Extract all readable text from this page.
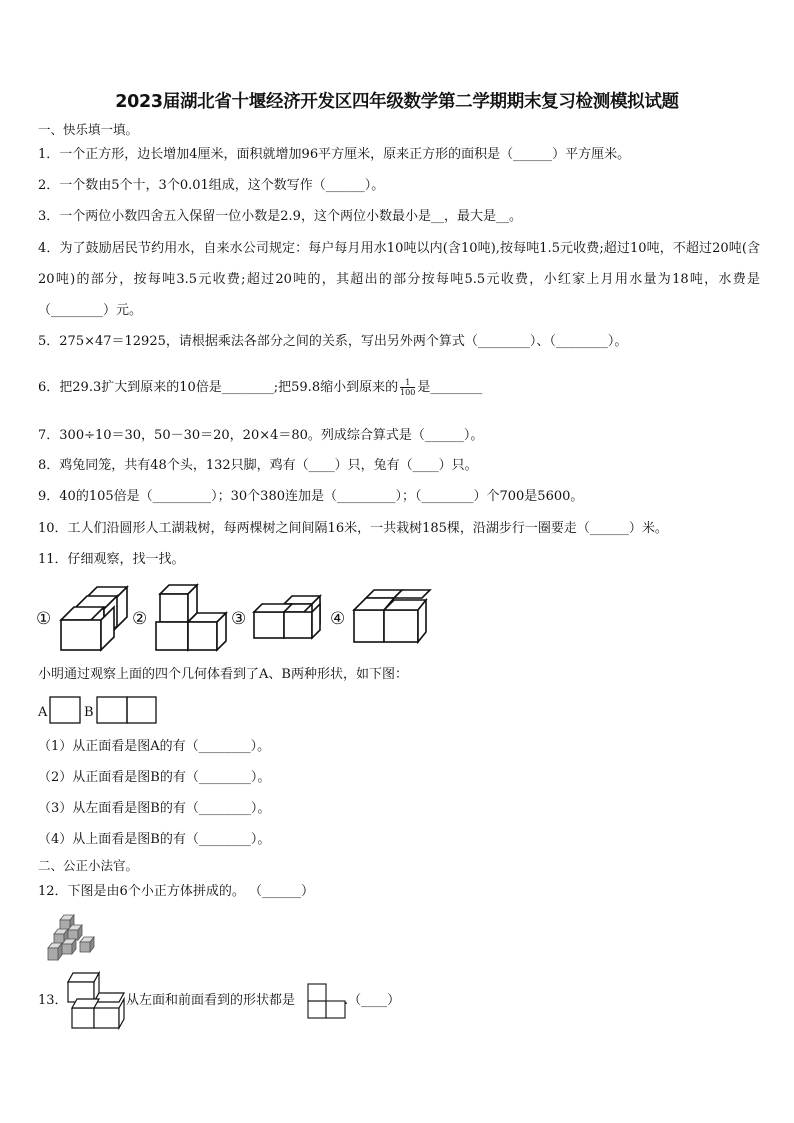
2023届湖北省十堰经济开发区四年级数学第二学期期末复习检测模拟试题
一、快乐填一填。
1．一个正方形，边长增加4厘米，面积就增加96平方厘米，原来正方形的面积是（______）平方厘米。
2．一个数由5个十，3个0.01组成，这个数写作（______）。
3．一个两位小数四舍五入保留一位小数是2.9，这个两位小数最小是__，最大是__。
4．为了鼓励居民节约用水，自来水公司规定：每户每月用水10吨以内(含10吨),按每吨1.5元收费;超过10吨，不超过20吨(含20吨)的部分，按每吨3.5元收费;超过20吨的，其超出的部分按每吨5.5元收费，小红家上月用水量为18吨，水费是（________）元。
5．275×47＝12925，请根据乘法各部分之间的关系，写出另外两个算式（________）、（________）。
6．把29.3扩大到原来的10倍是________;把59.8缩小到原来的 $\frac{1}{100}$ 是________
7．300÷10＝30，50－30＝20，20×4＝80。列成综合算式是（______）。
8．鸡兔同笼，共有48个头，132只脚，鸡有（____）只，兔有（____）只。
9．40的105倍是（_________）；30个380连加是（_________）；（________）个700是5600。
10．工人们沿圆形人工湖栽树，每两棵树之间间隔16米，一共栽树185棵，沿湖步行一圈要走（______）米。
11．仔细观察，找一找。
①	②	③	④
小明通过观察上面的四个几何体看到了A、B两种形状，如下图：
A	B
（1）从正面看是图A的有（________）。
（2）从正面看是图B的有（________）。
（3）从左面看是图B的有（________）。
（4）从上面看是图B的有（________）。
二、公正小法官。
12．下图是由6个小正方体拼成的。 （______）
13．	从左面和前面看到的形状都是	.（____）
